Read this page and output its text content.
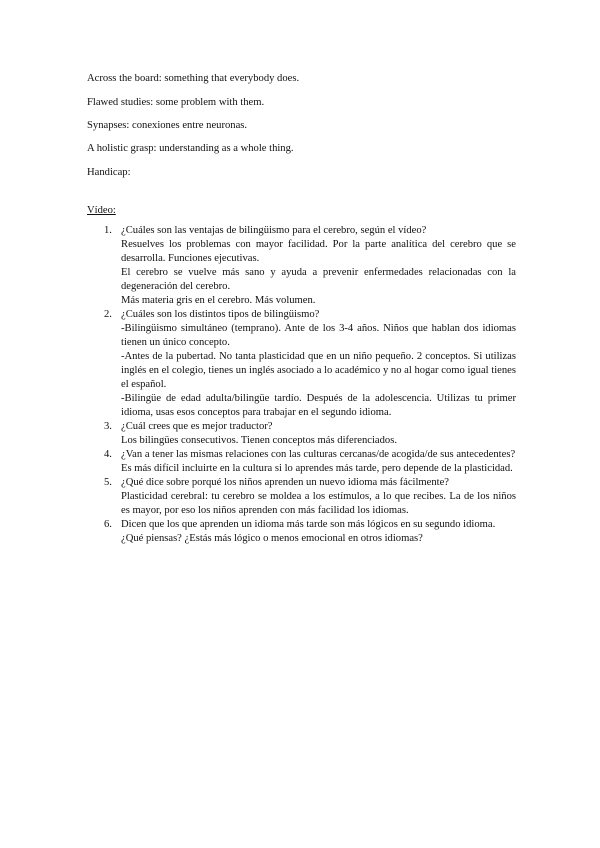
Across the board: something that everybody does.

Flawed studies: some problem with them.

Synapses: conexiones entre neuronas.

A holistic grasp: understanding as a whole thing.

Handicap:

Vídeo:

1. ¿Cuáles son las ventajas de bilingüismo para el cerebro, según el vídeo?
Resuelves los problemas con mayor facilidad. Por la parte analítica del cerebro que se desarrolla. Funciones ejecutivas.
El cerebro se vuelve más sano y ayuda a prevenir enfermedades relacionadas con la degeneración del cerebro.
Más materia gris en el cerebro. Más volumen.
2. ¿Cuáles son los distintos tipos de bilingüismo?
-Bilingüismo simultáneo (temprano). Ante de los 3-4 años. Niños que hablan dos idiomas tienen un único concepto.
-Antes de la pubertad. No tanta plasticidad que en un niño pequeño. 2 conceptos. Si utilizas inglés en el colegio, tienes un inglés asociado a lo académico y no al hogar como igual tienes el español.
-Bilingüe de edad adulta/bilingüe tardío. Después de la adolescencia. Utilizas tu primer idioma, usas esos conceptos para trabajar en el segundo idioma.
3. ¿Cuál crees que es mejor traductor?
Los bilingües consecutivos. Tienen conceptos más diferenciados.
4. ¿Van a tener las mismas relaciones con las culturas cercanas/de acogida/de sus antecedentes?
Es más difícil incluirte en la cultura si lo aprendes más tarde, pero depende de la plasticidad.
5. ¿Qué dice sobre porqué los niños aprenden un nuevo idioma más fácilmente?
Plasticidad cerebral: tu cerebro se moldea a los estímulos, a lo que recibes. La de los niños es mayor, por eso los niños aprenden con más facilidad los idiomas.
6. Dicen que los que aprenden un idioma más tarde son más lógicos en su segundo idioma.
¿Qué piensas? ¿Estás más lógico o menos emocional en otros idiomas?
